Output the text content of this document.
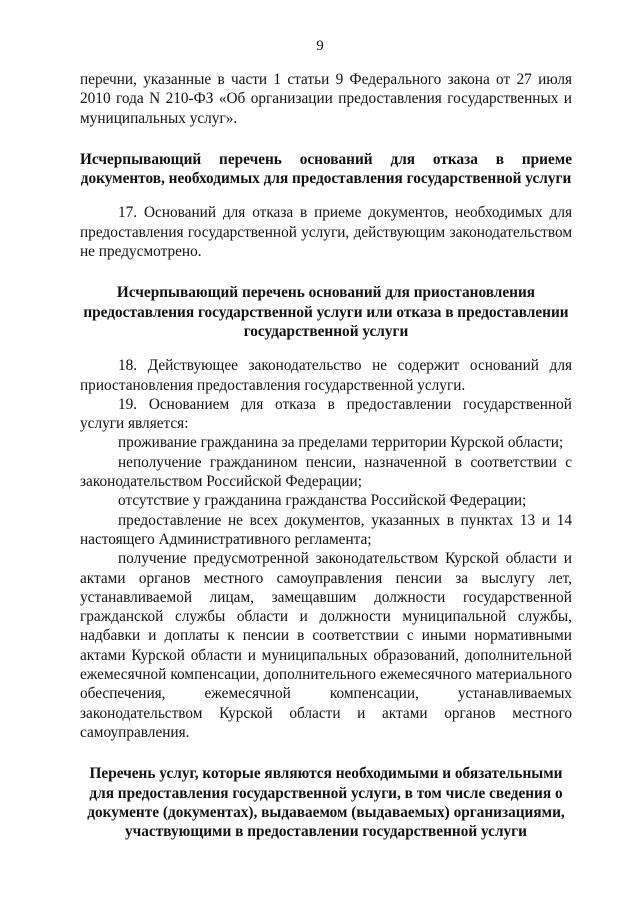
9

перечни, указанные в части 1 статьи 9 Федерального закона от 27 июля 2010 года N 210-ФЗ «Об организации предоставления государственных и муниципальных услуг».

Исчерпывающий перечень оснований для отказа в приеме документов, необходимых для предоставления государственной услуги

17. Оснований для отказа в приеме документов, необходимых для предоставления государственной услуги, действующим законодательством не предусмотрено.

Исчерпывающий перечень оснований для приостановления предоставления государственной услуги или отказа в предоставлении государственной услуги

18. Действующее законодательство не содержит оснований для приостановления предоставления государственной услуги.

19. Основанием для отказа в предоставлении государственной услуги является:

проживание гражданина за пределами территории Курской области;

неполучение гражданином пенсии, назначенной в соответствии с законодательством Российской Федерации;

отсутствие у гражданина гражданства Российской Федерации;

предоставление не всех документов, указанных в пунктах 13 и 14 настоящего Административного регламента;

получение предусмотренной законодательством Курской области и актами органов местного самоуправления пенсии за выслугу лет, устанавливаемой лицам, замещавшим должности государственной гражданской службы области и должности муниципальной службы, надбавки и доплаты к пенсии в соответствии с иными нормативными актами Курской области и муниципальных образований, дополнительной ежемесячной компенсации, дополнительного ежемесячного материального обеспечения, ежемесячной компенсации, устанавливаемых законодательством Курской области и актами органов местного самоуправления.

Перечень услуг, которые являются необходимыми и обязательными для предоставления государственной услуги, в том числе сведения о документе (документах), выдаваемом (выдаваемых) организациями, участвующими в предоставлении государственной услуги
